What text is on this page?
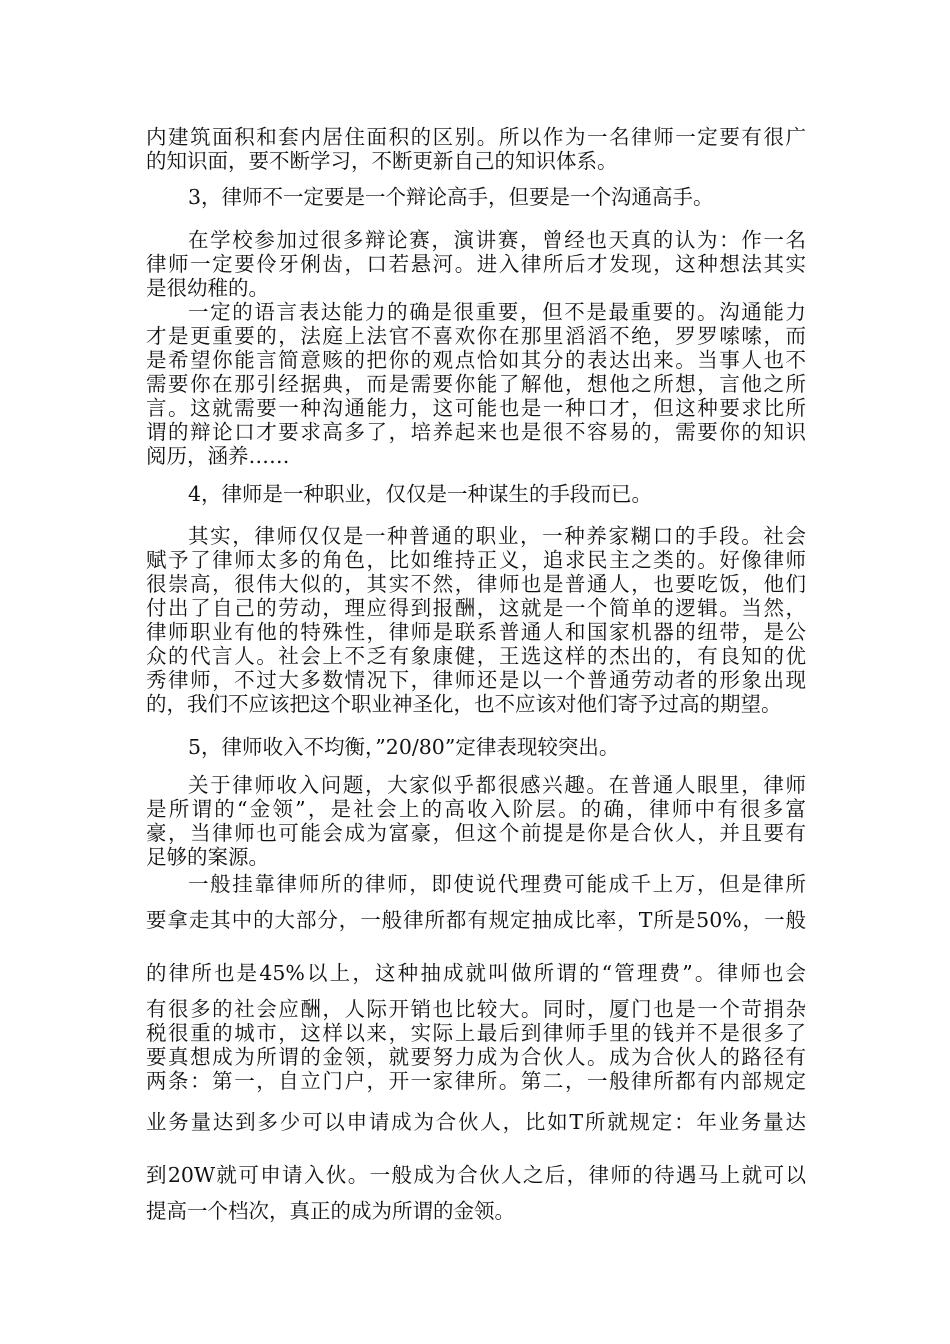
内建筑面积和套内居住面积的区别。所以作为一名律师一定要有很广
的知识面，要不断学习，不断更新自己的知识体系。
3，律师不一定要是一个辩论高手，但要是一个沟通高手。
在学校参加过很多辩论赛，演讲赛，曾经也天真的认为：作一名
律师一定要伶牙俐齿，口若悬河。进入律所后才发现，这种想法其实
是很幼稚的。
一定的语言表达能力的确是很重要，但不是最重要的。沟通能力
才是更重要的，法庭上法官不喜欢你在那里滔滔不绝，罗罗嗦嗦，而
是希望你能言简意赅的把你的观点恰如其分的表达出来。当事人也不
需要你在那引经据典，而是需要你能了解他，想他之所想，言他之所
言。这就需要一种沟通能力，这可能也是一种口才，但这种要求比所
谓的辩论口才要求高多了，培养起来也是很不容易的，需要你的知识
阅历，涵养……
4，律师是一种职业，仅仅是一种谋生的手段而已。
其实，律师仅仅是一种普通的职业，一种养家糊口的手段。社会
赋予了律师太多的角色，比如维持正义，追求民主之类的。好像律师
很崇高，很伟大似的，其实不然，律师也是普通人，也要吃饭，他们
付出了自己的劳动，理应得到报酬，这就是一个简单的逻辑。当然，
律师职业有他的特殊性，律师是联系普通人和国家机器的纽带，是公
众的代言人。社会上不乏有象康健，王选这样的杰出的，有良知的优
秀律师，不过大多数情况下，律师还是以一个普通劳动者的形象出现
的，我们不应该把这个职业神圣化，也不应该对他们寄予过高的期望。
5，律师收入不均衡，”20/80”定律表现较突出。
关于律师收入问题，大家似乎都很感兴趣。在普通人眼里，律师
是所谓的“金领”，是社会上的高收入阶层。的确，律师中有很多富
豪，当律师也可能会成为富豪，但这个前提是你是合伙人，并且要有
足够的案源。
一般挂靠律师所的律师，即使说代理费可能成千上万，但是律所
要拿走其中的大部分，一般律所都有规定抽成比率，T所是50%，一般
的律所也是45%以上，这种抽成就叫做所谓的“管理费”。律师也会
有很多的社会应酬，人际开销也比较大。同时，厦门也是一个苛捐杂
税很重的城市，这样以来，实际上最后到律师手里的钱并不是很多了
要真想成为所谓的金领，就要努力成为合伙人。成为合伙人的路径有
两条：第一，自立门户，开一家律所。第二，一般律所都有内部规定
业务量达到多少可以申请成为合伙人，比如T所就规定：年业务量达
到20W就可申请入伙。一般成为合伙人之后，律师的待遇马上就可以
提高一个档次，真正的成为所谓的金领。
